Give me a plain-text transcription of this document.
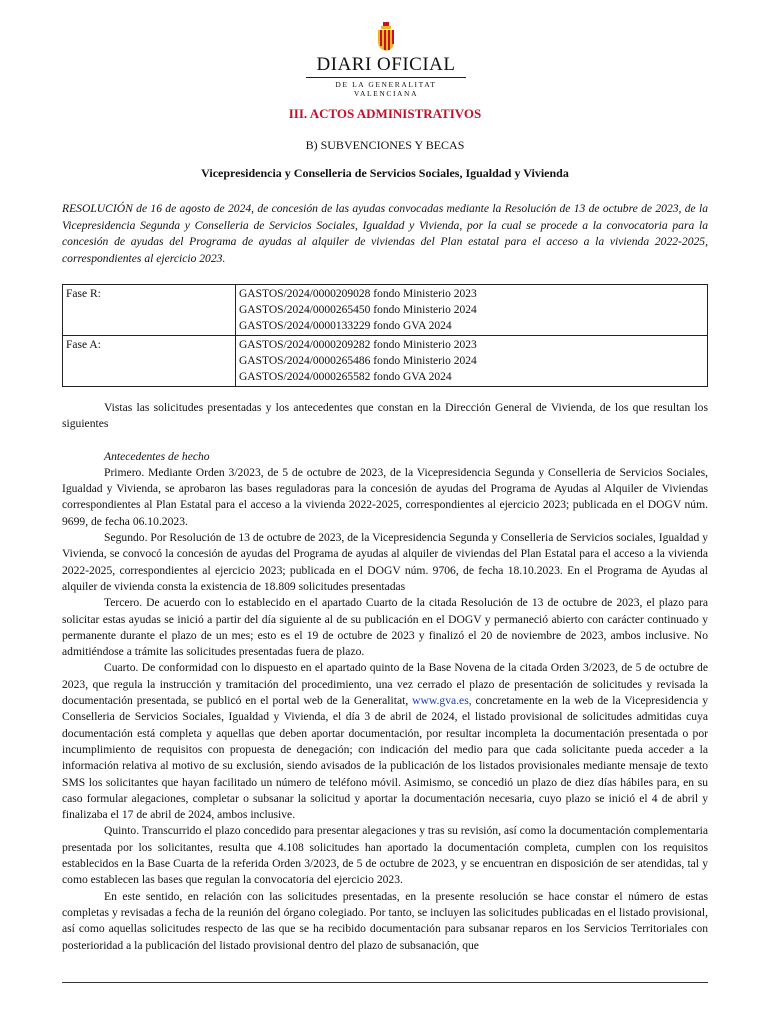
DIARI OFICIAL
DE LA GENERALITAT VALENCIANA
III. ACTOS ADMINISTRATIVOS
B) SUBVENCIONES Y BECAS
Vicepresidencia y Conselleria de Servicios Sociales, Igualdad y Vivienda
RESOLUCIÓN de 16 de agosto de 2024, de concesión de las ayudas convocadas mediante la Resolución de 13 de octubre de 2023, de la Vicepresidencia Segunda y Conselleria de Servicios Sociales, Igualdad y Vivienda, por la cual se procede a la convocatoria para la concesión de ayudas del Programa de ayudas al alquiler de viviendas del Plan estatal para el acceso a la vivienda 2022-2025, correspondientes al ejercicio 2023.
Fase R:	GASTOS/2024/0000209028 fondo Ministerio 2023
GASTOS/2024/0000265450 fondo Ministerio 2024
GASTOS/2024/0000133229 fondo GVA 2024

Fase A:	GASTOS/2024/0000209282 fondo Ministerio 2023
GASTOS/2024/0000265486 fondo Ministerio 2024
GASTOS/2024/0000265582 fondo GVA 2024

Vistas las solicitudes presentadas y los antecedentes que constan en la Dirección General de Vivienda, de los que resultan los siguientes

Antecedentes de hecho

Primero. Mediante Orden 3/2023, de 5 de octubre de 2023, de la Vicepresidencia Segunda y Conselleria de Servicios Sociales, Igualdad y Vivienda, se aprobaron las bases reguladoras para la concesión de ayudas del Programa de Ayudas al Alquiler de Viviendas correspondientes al Plan Estatal para el acceso a la vivienda 2022-2025, correspondientes al ejercicio 2023; publicada en el DOGV núm. 9699, de fecha 06.10.2023.

Segundo. Por Resolución de 13 de octubre de 2023, de la Vicepresidencia Segunda y Conselleria de Servicios sociales, Igualdad y Vivienda, se convocó la concesión de ayudas del Programa de ayudas al alquiler de viviendas del Plan Estatal para el acceso a la vivienda 2022-2025, correspondientes al ejercicio 2023; publicada en el DOGV núm. 9706, de fecha 18.10.2023. En el Programa de Ayudas al alquiler de vivienda consta la existencia de 18.809 solicitudes presentadas

Tercero. De acuerdo con lo establecido en el apartado Cuarto de la citada Resolución de 13 de octubre de 2023, el plazo para solicitar estas ayudas se inició a partir del día siguiente al de su publicación en el DOGV y permaneció abierto con carácter continuado y permanente durante el plazo de un mes; esto es el 19 de octubre de 2023 y finalizó el 20 de noviembre de 2023, ambos inclusive. No admitiéndose a trámite las solicitudes presentadas fuera de plazo.

Cuarto. De conformidad con lo dispuesto en el apartado quinto de la Base Novena de la citada Orden 3/2023, de 5 de octubre de 2023, que regula la instrucción y tramitación del procedimiento, una vez cerrado el plazo de presentación de solicitudes y revisada la documentación presentada, se publicó en el portal web de la Generalitat, www.gva.es, concretamente en la web de la Vicepresidencia y Conselleria de Servicios Sociales, Igualdad y Vivienda, el día 3 de abril de 2024, el listado provisional de solicitudes admitidas cuya documentación está completa y aquellas que deben aportar documentación, por resultar incompleta la documentación presentada o por incumplimiento de requisitos con propuesta de denegación; con indicación del medio para que cada solicitante pueda acceder a la información relativa al motivo de su exclusión, siendo avisados de la publicación de los listados provisionales mediante mensaje de texto SMS los solicitantes que hayan facilitado un número de teléfono móvil. Asimismo, se concedió un plazo de diez días hábiles para, en su caso formular alegaciones, completar o subsanar la solicitud y aportar la documentación necesaria, cuyo plazo se inició el 4 de abril y finalizaba el 17 de abril de 2024, ambos inclusive.

Quinto. Transcurrido el plazo concedido para presentar alegaciones y tras su revisión, así como la documentación complementaria presentada por los solicitantes, resulta que 4.108 solicitudes han aportado la documentación completa, cumplen con los requisitos establecidos en la Base Cuarta de la referida Orden 3/2023, de 5 de octubre de 2023, y se encuentran en disposición de ser atendidas, tal y como establecen las bases que regulan la convocatoria del ejercicio 2023.

En este sentido, en relación con las solicitudes presentadas, en la presente resolución se hace constar el número de estas completas y revisadas a fecha de la reunión del órgano colegiado. Por tanto, se incluyen las solicitudes publicadas en el listado provisional, así como aquellas solicitudes respecto de las que se ha recibido documentación para subsanar reparos en los Servicios Territoriales con posterioridad a la publicación del listado provisional dentro del plazo de subsanación, que
